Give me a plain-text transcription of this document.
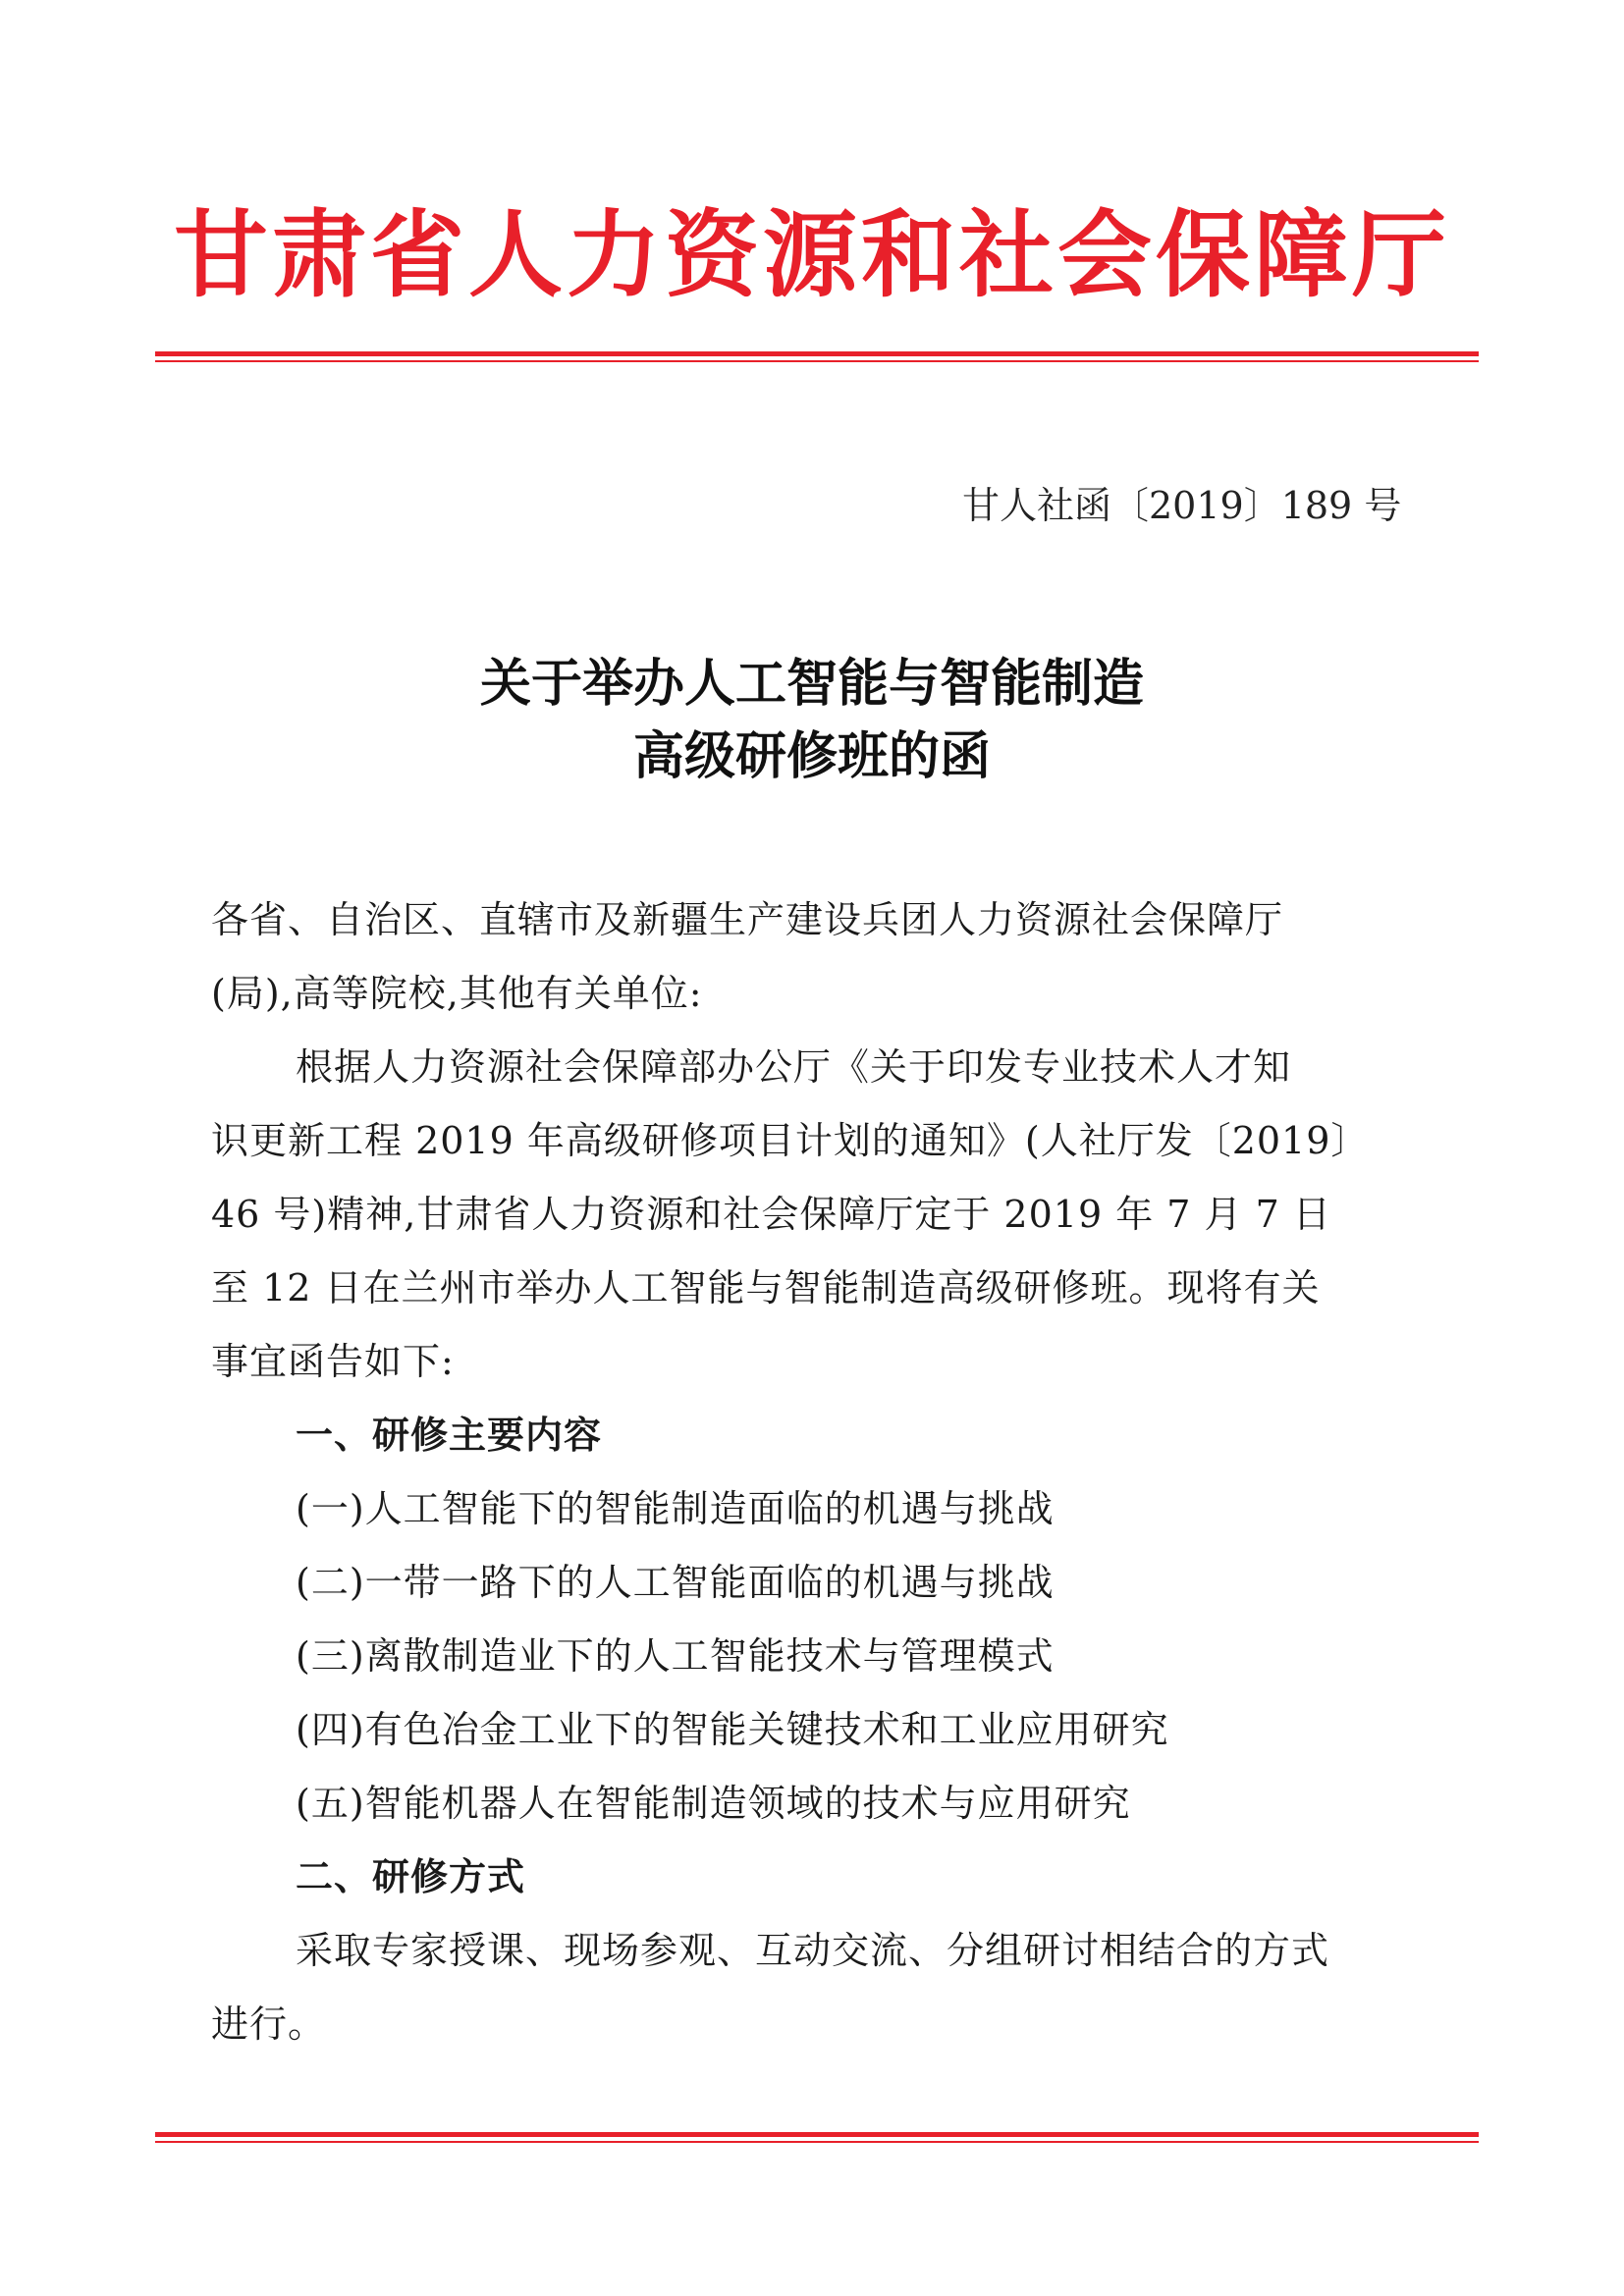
甘肃省人力资源和社会保障厅
甘人社函〔2019〕189 号
关于举办人工智能与智能制造
高级研修班的函
各省、自治区、直辖市及新疆生产建设兵团人力资源社会保障厅
(局),高等院校,其他有关单位:
根据人力资源社会保障部办公厅《关于印发专业技术人才知
识更新工程 2019 年高级研修项目计划的通知》(人社厅发〔2019〕
46 号)精神,甘肃省人力资源和社会保障厅定于 2019 年 7 月 7 日
至 12 日在兰州市举办人工智能与智能制造高级研修班。现将有关
事宜函告如下:
一、研修主要内容
(一)人工智能下的智能制造面临的机遇与挑战
(二)一带一路下的人工智能面临的机遇与挑战
(三)离散制造业下的人工智能技术与管理模式
(四)有色冶金工业下的智能关键技术和工业应用研究
(五)智能机器人在智能制造领域的技术与应用研究
二、研修方式
采取专家授课、现场参观、互动交流、分组研讨相结合的方式
进行。
